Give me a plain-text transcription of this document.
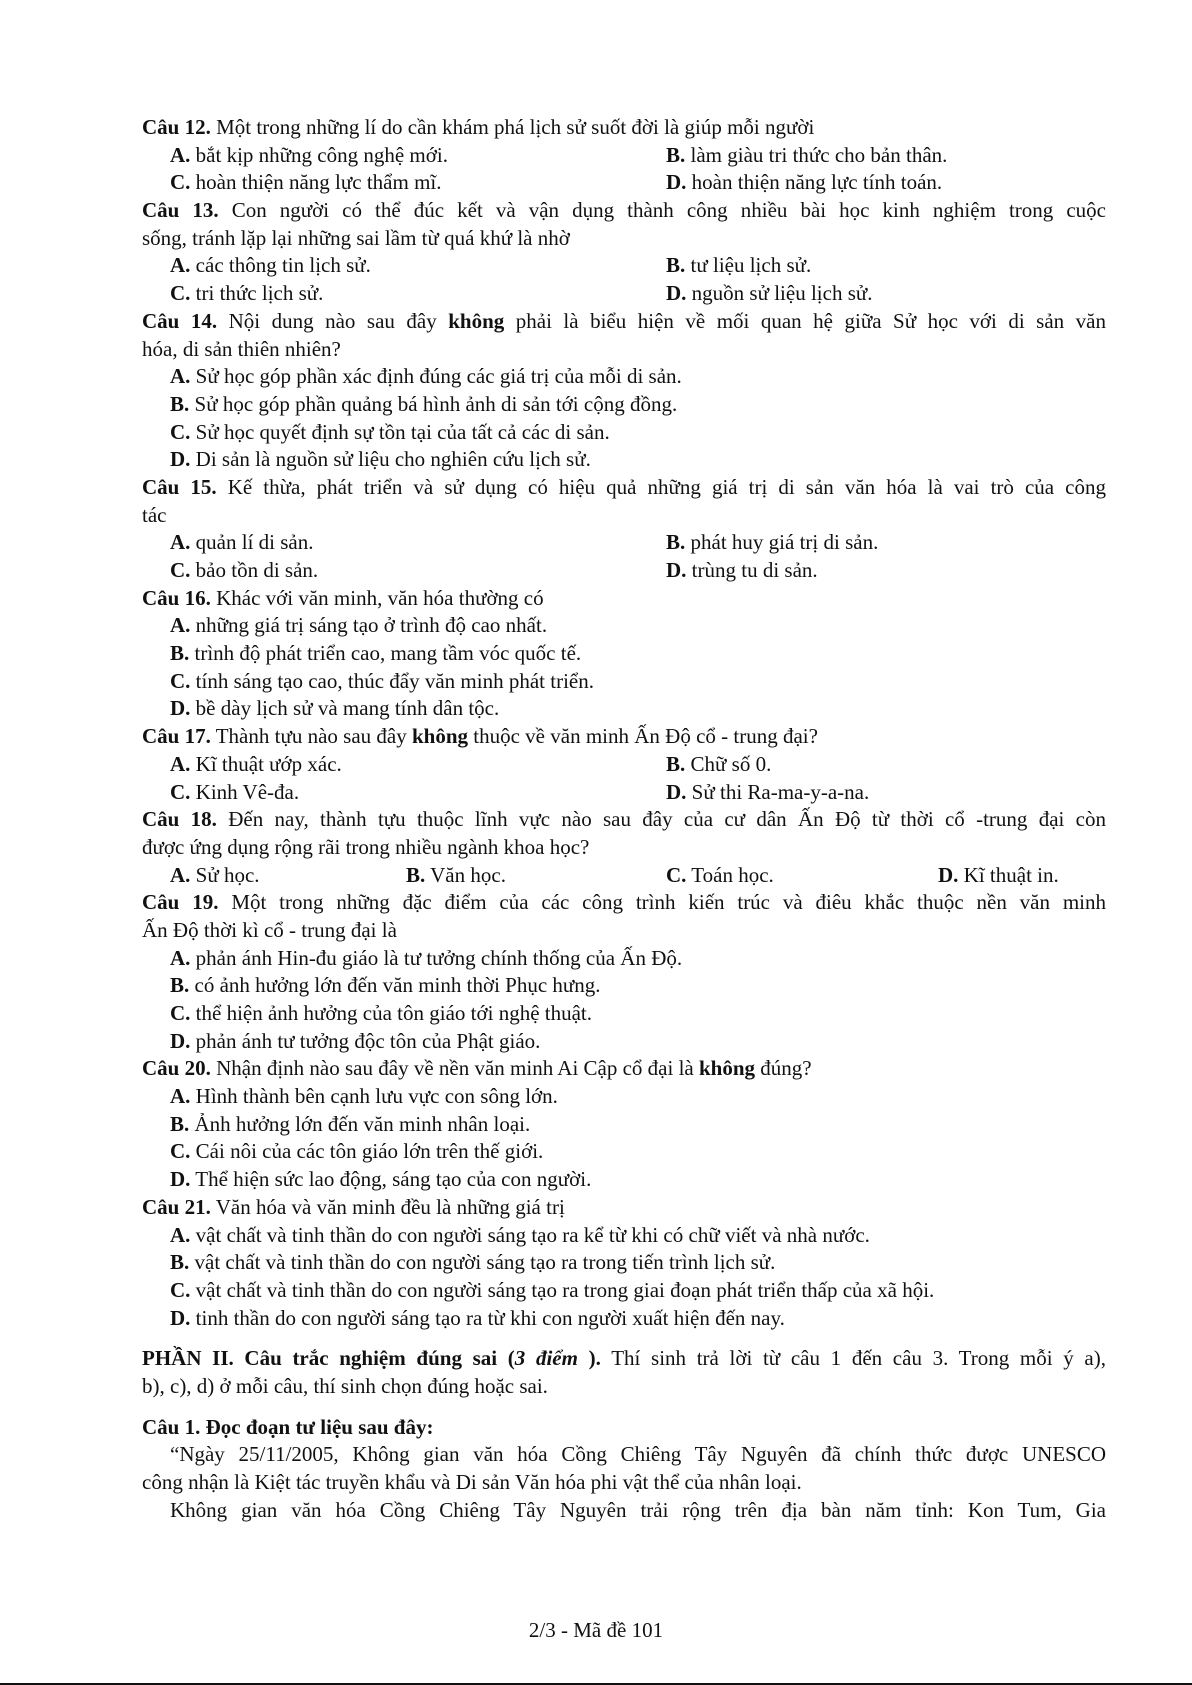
Câu 12. Một trong những lí do cần khám phá lịch sử suốt đời là giúp mỗi người
A. bắt kịp những công nghệ mới.	B. làm giàu tri thức cho bản thân.
C. hoàn thiện năng lực thẩm mĩ.	D. hoàn thiện năng lực tính toán.
Câu 13. Con người có thể đúc kết và vận dụng thành công nhiều bài học kinh nghiệm trong cuộc
sống, tránh lặp lại những sai lầm từ quá khứ là nhờ
A. các thông tin lịch sử.	B. tư liệu lịch sử.
C. tri thức lịch sử.	D. nguồn sử liệu lịch sử.
Câu 14. Nội dung nào sau đây không phải là biểu hiện về mối quan hệ giữa Sử học với di sản văn
hóa, di sản thiên nhiên?
A. Sử học góp phần xác định đúng các giá trị của mỗi di sản.
B. Sử học góp phần quảng bá hình ảnh di sản tới cộng đồng.
C. Sử học quyết định sự tồn tại của tất cả các di sản.
D. Di sản là nguồn sử liệu cho nghiên cứu lịch sử.
Câu 15. Kế thừa, phát triển và sử dụng có hiệu quả những giá trị di sản văn hóa là vai trò của công
tác
A. quản lí di sản.	B. phát huy giá trị di sản.
C. bảo tồn di sản.	D. trùng tu di sản.
Câu 16. Khác với văn minh, văn hóa thường có
A. những giá trị sáng tạo ở trình độ cao nhất.
B. trình độ phát triển cao, mang tầm vóc quốc tế.
C. tính sáng tạo cao, thúc đẩy văn minh phát triển.
D. bề dày lịch sử và mang tính dân tộc.
Câu 17. Thành tựu nào sau đây không thuộc về văn minh Ấn Độ cổ - trung đại?
A. Kĩ thuật ướp xác.	B. Chữ số 0.
C. Kinh Vê-đa.	D. Sử thi Ra-ma-y-a-na.
Câu 18. Đến nay, thành tựu thuộc lĩnh vực nào sau đây của cư dân Ấn Độ từ thời cổ -trung đại còn
được ứng dụng rộng rãi trong nhiều ngành khoa học?
A. Sử học.	B. Văn học.	C. Toán học.	D. Kĩ thuật in.
Câu 19. Một trong những đặc điểm của các công trình kiến trúc và điêu khắc thuộc nền văn minh
Ấn Độ thời kì cổ - trung đại là
A. phản ánh Hin-đu giáo là tư tưởng chính thống của Ấn Độ.
B. có ảnh hưởng lớn đến văn minh thời Phục hưng.
C. thể hiện ảnh hưởng của tôn giáo tới nghệ thuật.
D. phản ánh tư tưởng độc tôn của Phật giáo.
Câu 20. Nhận định nào sau đây về nền văn minh Ai Cập cổ đại là không đúng?
A. Hình thành bên cạnh lưu vực con sông lớn.
B. Ảnh hưởng lớn đến văn minh nhân loại.
C. Cái nôi của các tôn giáo lớn trên thế giới.
D. Thể hiện sức lao động, sáng tạo của con người.
Câu 21. Văn hóa và văn minh đều là những giá trị
A. vật chất và tinh thần do con người sáng tạo ra kể từ khi có chữ viết và nhà nước.
B. vật chất và tinh thần do con người sáng tạo ra trong tiến trình lịch sử.
C. vật chất và tinh thần do con người sáng tạo ra trong giai đoạn phát triển thấp của xã hội.
D. tinh thần do con người sáng tạo ra từ khi con người xuất hiện đến nay.
PHẦN II. Câu trắc nghiệm đúng sai (3 điểm ). Thí sinh trả lời từ câu 1 đến câu 3. Trong mỗi ý a),
b), c), d) ở mỗi câu, thí sinh chọn đúng hoặc sai.
Câu 1. Đọc đoạn tư liệu sau đây:
“Ngày 25/11/2005, Không gian văn hóa Cồng Chiêng Tây Nguyên đã chính thức được UNESCO
công nhận là Kiệt tác truyền khẩu và Di sản Văn hóa phi vật thể của nhân loại.
Không gian văn hóa Cồng Chiêng Tây Nguyên trải rộng trên địa bàn năm tỉnh: Kon Tum, Gia
2/3 - Mã đề 101
